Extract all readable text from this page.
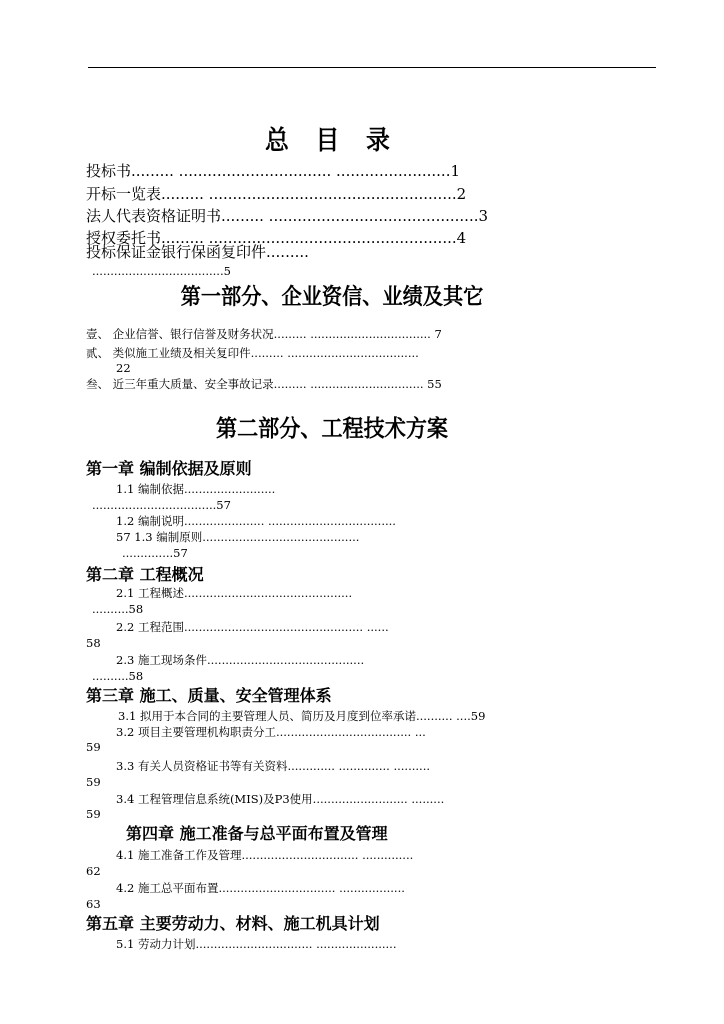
总 目 录
投标书......... ................................ ........................1
开标一览表......... ....................................................2
法人代表资格证明书......... ............................................3
授权委托书......... ....................................................4
投标保证金银行保函复印件.........
....................................5
第一部分、企业资信、业绩及其它
壹、 企业信誉、银行信誉及财务状况......... ................................. 7
贰、 类似施工业绩及相关复印件......... ....................................
22
叁、 近三年重大质量、安全事故记录......... ............................... 55
第二部分、工程技术方案
第一章 编制依据及原则
1.1 编制依据.........................
..................................57
1.2 编制说明...................... ...................................
57 1.3 编制原则...........................................
..............57
第二章 工程概况
2.1 工程概述..............................................
..........58
2.2 工程范围................................................. ......
58
2.3 施工现场条件...........................................
..........58
第三章 施工、质量、安全管理体系
3.1 拟用于本合同的主要管理人员、简历及月度到位率承诺.......... ....59
3.2 项目主要管理机构职责分工..................................... ...
59
3.3 有关人员资格证书等有关资料............. .............. ..........
59
3.4 工程管理信息系统(MIS)及P3使用.......................... .........
59
第四章 施工准备与总平面布置及管理
4.1 施工准备工作及管理................................ ..............
62
4.2 施工总平面布置................................ ..................
63
第五章 主要劳动力、材料、施工机具计划
5.1 劳动力计划................................ ......................
